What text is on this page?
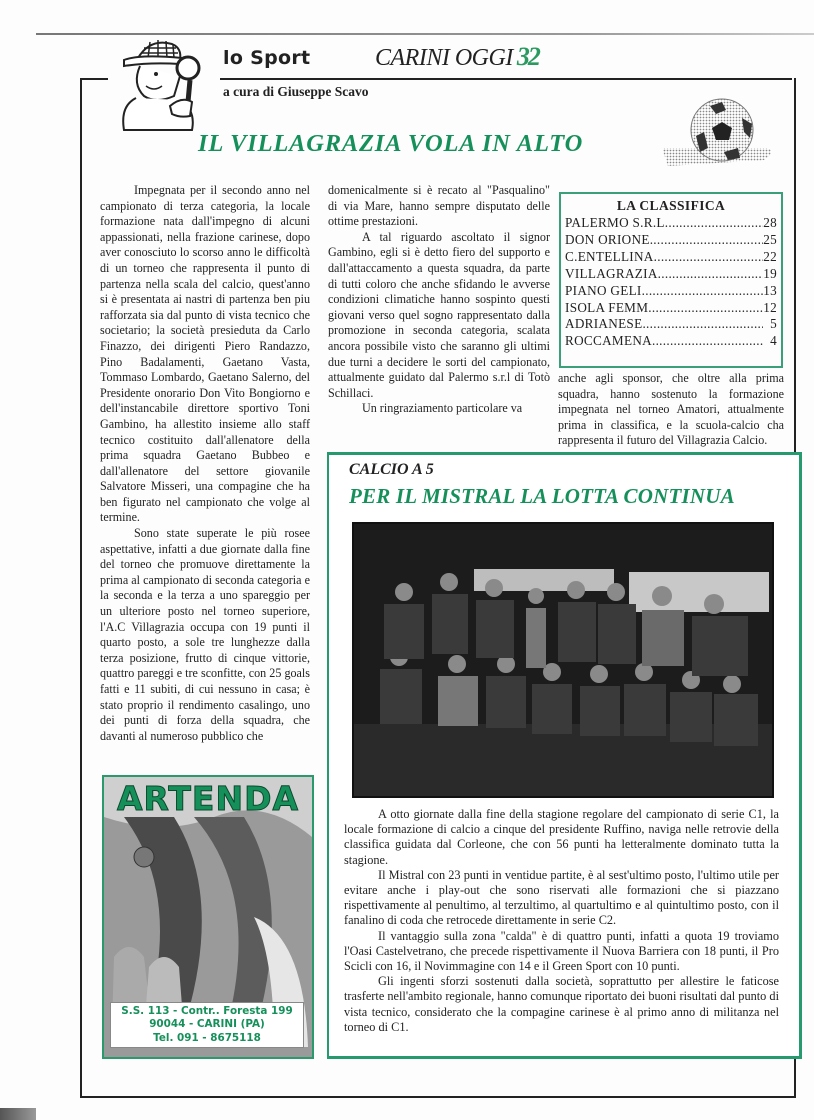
lo Sport	CARINI OGGI 32
a cura di Giuseppe Scavo
IL VILLAGRAZIA VOLA IN ALTO

Impegnata per il secondo anno nel campionato di terza categoria, la locale formazione nata dall'impegno di alcuni appassionati, nella frazione carinese, dopo aver conosciuto lo scorso anno le difficoltà di un torneo che rappresenta il punto di partenza nella scala del calcio, quest'anno si è presentata ai nastri di partenza ben piu rafforzata sia dal punto di vista tecnico che societario; la società presieduta da Carlo Finazzo, dei dirigenti Piero Randazzo, Pino Badalamenti, Gaetano Vasta, Tommaso Lombardo, Gaetano Salerno, del Presidente onorario Don Vito Bongiorno e dell'instancabile direttore sportivo Toni Gambino, ha allestito insieme allo staff tecnico costituito dall'allenatore della prima squadra Gaetano Bubbeo e dall'allenatore del settore giovanile Salvatore Misseri, una compagine che ha ben figurato nel campionato che volge al termine.

Sono state superate le più rosee aspettative, infatti a due giornate dalla fine del torneo che promuove direttamente la prima al campionato di seconda categoria e la seconda e la terza a uno spareggio per un ulteriore posto nel torneo superiore, l'A.C Villagrazia occupa con 19 punti il quarto posto, a sole tre lunghezze dalla terza posizione, frutto di cinque vittorie, quattro pareggi e tre sconfitte, con 25 goals fatti e 11 subiti, di cui nessuno in casa; è stato proprio il rendimento casalingo, uno dei punti di forza della squadra, che davanti al numeroso pubblico che

domenicalmente si è recato al "Pasqualino" di via Mare, hanno sempre disputato delle ottime prestazioni.

A tal riguardo ascoltato il signor Gambino, egli si è detto fiero del supporto e dall'attaccamento a questa squadra, da parte di tutti coloro che anche sfidando le avverse condizioni climatiche hanno sospinto questi giovani verso quel sogno rappresentato dalla promozione in seconda categoria, scalata ancora possibile visto che saranno gli ultimi due turni a decidere le sorti del campionato, attualmente guidato dal Palermo s.r.l di Totò Schillaci.

Un ringraziamento particolare va

LA CLASSIFICA
PALERMO S.R.L .....	28
DON ORIONE .....	25
C.ENTELLINA .....	22
VILLAGRAZIA .....	19
PIANO GELI .....	13
ISOLA FEMM. .....	12
ADRIANESE .....	5
ROCCAMENA .....	4

anche agli sponsor, che oltre alla prima squadra, hanno sostenuto la formazione impegnata nel torneo Amatori, attualmente prima in classifica, e la scuola-calcio cha rappresenta il futuro del Villagrazia Calcio.

CALCIO A 5
PER IL MISTRAL LA LOTTA CONTINUA

A otto giornate dalla fine della stagione regolare del campionato di serie C1, la locale formazione di calcio a cinque del presidente Ruffino, naviga nelle retrovie della classifica guidata dal Corleone, che con 56 punti ha letteralmente dominato tutta la stagione.

Il Mistral con 23 punti in ventidue partite, è al sest'ultimo posto, l'ultimo utile per evitare anche i play-out che sono riservati alle formazioni che si piazzano rispettivamente al penultimo, al terzultimo, al quartultimo e al quintultimo posto, con il fanalino di coda che retrocede direttamente in serie C2.

Il vantaggio sulla zona "calda" è di quattro punti, infatti a quota 19 troviamo l'Oasi Castelvetrano, che precede rispettivamente il Nuova Barriera con 18 punti, il Pro Scicli con 16, il Novimmagine con 14 e il Green Sport con 10 punti.

Gli ingenti sforzi sostenuti dalla società, soprattutto per allestire le faticose trasferte nell'ambito regionale, hanno comunque riportato dei buoni risultati dal punto di vista tecnico, considerato che la compagine carinese è al primo anno di militanza nel torneo di C1.

ARTENDA
S.S. 113 - Contr.. Foresta 199
90044 - CARINI (PA)
Tel. 091 - 8675118
